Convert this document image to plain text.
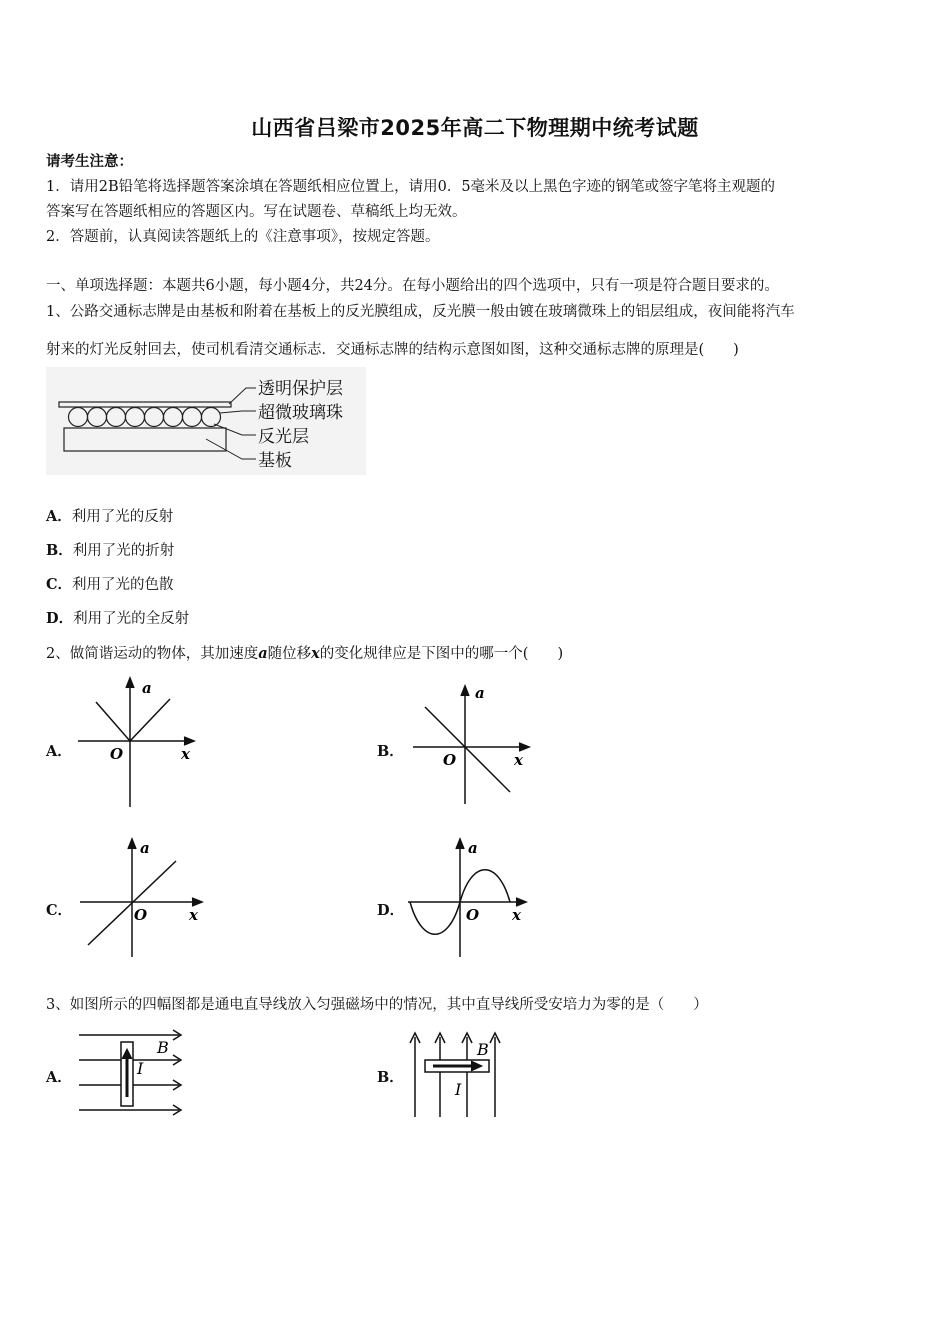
山西省吕梁市2025年高二下物理期中统考试题
请考生注意：
1．请用2B铅笔将选择题答案涂填在答题纸相应位置上，请用0．5毫米及以上黑色字迹的钢笔或签字笔将主观题的
答案写在答题纸相应的答题区内。写在试题卷、草稿纸上均无效。
2．答题前，认真阅读答题纸上的《注意事项》，按规定答题。
一、单项选择题：本题共6小题，每小题4分，共24分。在每小题给出的四个选项中，只有一项是符合题目要求的。
1、公路交通标志牌是由基板和附着在基板上的反光膜组成，反光膜一般由镀在玻璃微珠上的铝层组成，夜间能将汽车
射来的灯光反射回去，使司机看清交通标志．交通标志牌的结构示意图如图，这种交通标志牌的原理是(　　)
透明保护层
超微玻璃珠
反光层
基板
A．利用了光的反射
B．利用了光的折射
C．利用了光的色散
D．利用了光的全反射
2、做简谐运动的物体，其加速度a随位移x的变化规律应是下图中的哪一个(　　)
A．
a
O	x	B．
a
O	x
C．
a
O	x	D．
a
O x
3、如图所示的四幅图都是通电直导线放入匀强磁场中的情况，其中直导线所受安培力为零的是（　　）
A．
B
I	B．
B
I
